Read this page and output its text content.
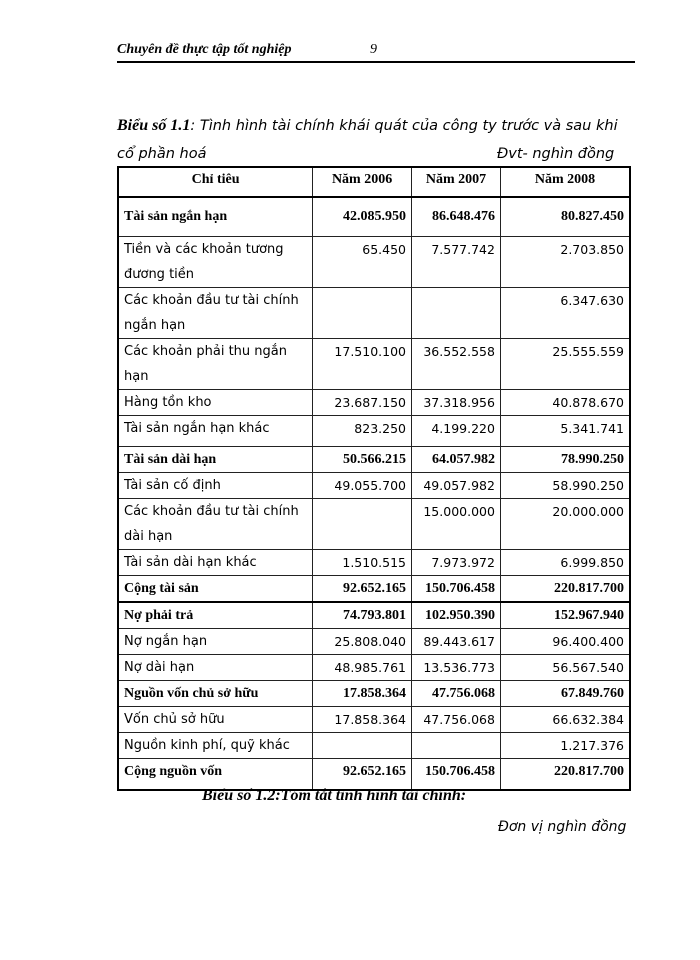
Chuyên đề thực tập tốt nghiệp	9
Biểu số 1.1: Tình hình tài chính khái quát của công ty trước và sau khi cổ phần hoá	Đvt- nghìn đồng
Chỉ tiêu	Năm 2006	Năm 2007	Năm 2008
Tài sản ngắn hạn	42.085.950	86.648.476	80.827.450
Tiền và các khoản tương đương tiền	65.450	7.577.742	2.703.850
Các khoản đầu tư tài chính ngắn hạn			6.347.630
Các khoản phải thu ngắn hạn	17.510.100	36.552.558	25.555.559
Hàng tồn kho	23.687.150	37.318.956	40.878.670
Tài sản ngắn hạn khác	823.250	4.199.220	5.341.741
Tài sản dài hạn	50.566.215	64.057.982	78.990.250
Tài sản cố định	49.055.700	49.057.982	58.990.250
Các khoản đầu tư tài chính dài hạn		15.000.000	20.000.000
Tài sản dài hạn khác	1.510.515	7.973.972	6.999.850
Cộng tài sản	92.652.165	150.706.458	220.817.700
Nợ phải trả	74.793.801	102.950.390	152.967.940
Nợ ngắn hạn	25.808.040	89.443.617	96.400.400
Nợ dài hạn	48.985.761	13.536.773	56.567.540
Nguồn vốn chủ sở hữu	17.858.364	47.756.068	67.849.760
Vốn chủ sở hữu	17.858.364	47.756.068	66.632.384
Nguồn kinh phí, quỹ khác			1.217.376
Cộng nguồn vốn	92.652.165	150.706.458	220.817.700
Biểu số 1.2:Tóm tắt tình hình tài chính:
Đơn vị nghìn đồng
